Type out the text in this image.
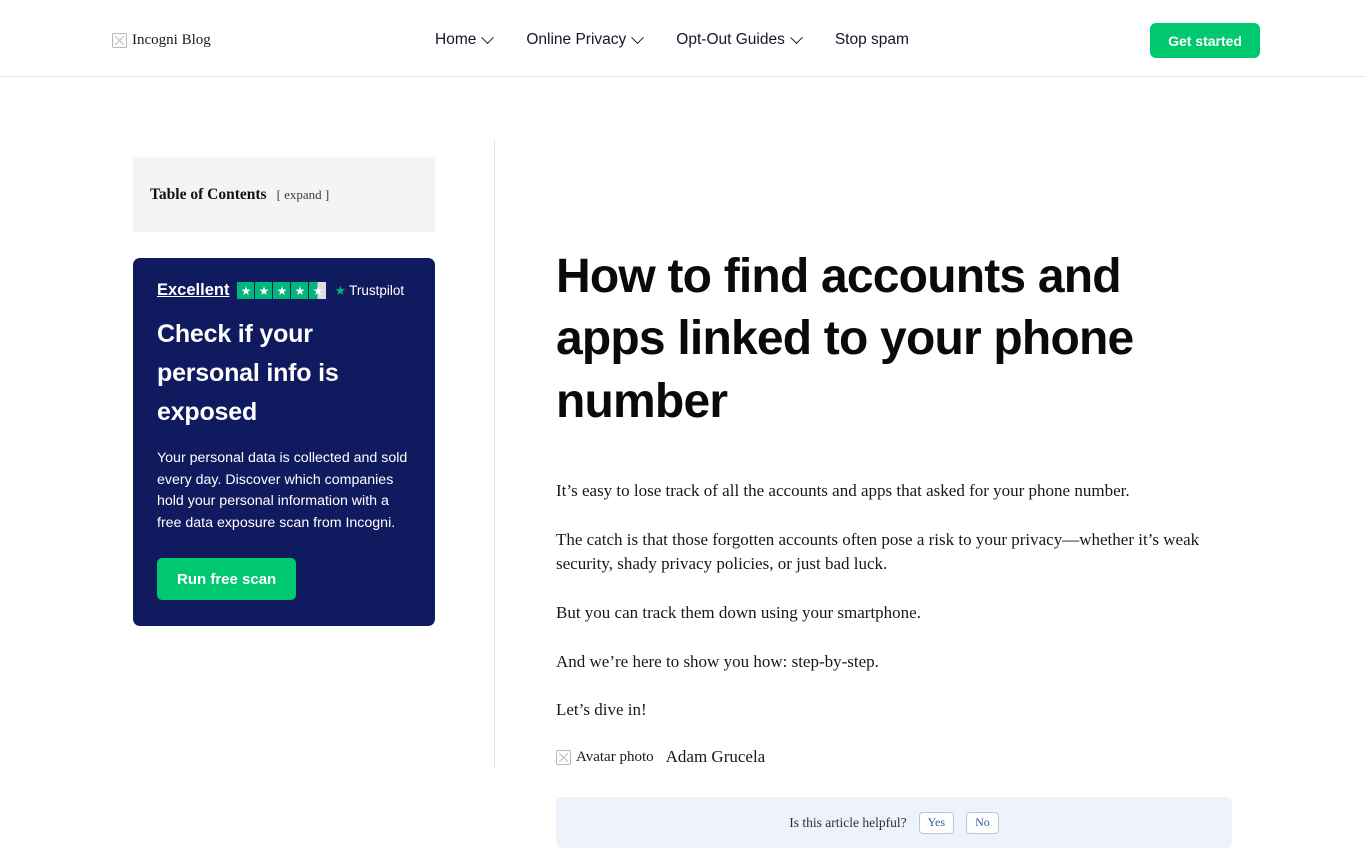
Incogni Blog	Home	Online Privacy	Opt-Out Guides	Stop spam	Get started
Table of Contents [ expand ]
Excellent ★ ★ ★ ★ ★ ★ Trustpilot
Check if your personal info is exposed

Your personal data is collected and sold every day. Discover which companies hold your personal information with a free data exposure scan from Incogni.

Run free scan
How to find accounts and apps linked to your phone number

It’s easy to lose track of all the accounts and apps that asked for your phone number.

The catch is that those forgotten accounts often pose a risk to your privacy—whether it’s weak security, shady privacy policies, or just bad luck.

But you can track them down using your smartphone.

And we’re here to show you how: step-by-step.

Let’s dive in!

Avatar photo Adam Grucela
Is this article helpful?	Yes	No
